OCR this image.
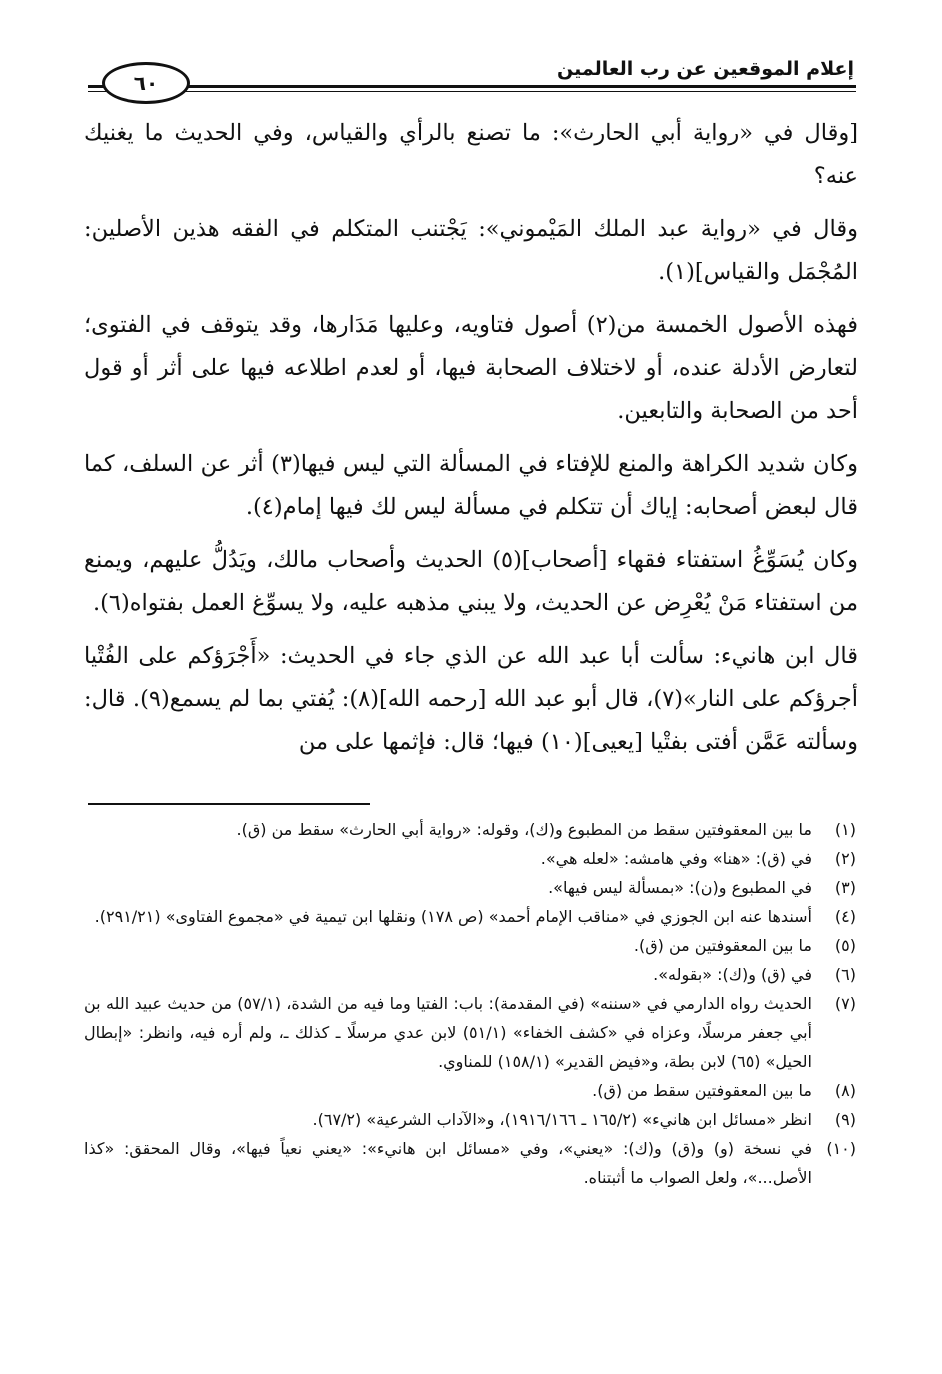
إعلام الموقعين عن رب العالمين
٦٠

[وقال في «رواية أبي الحارث»: ما تصنع بالرأي والقياس، وفي الحديث ما يغنيك عنه؟

وقال في «رواية عبد الملك المَيْموني»: يَجْتنب المتكلم في الفقه هذين الأصلين: المُجْمَل والقياس](١).

فهذه الأصول الخمسة من(٢) أصول فتاويه، وعليها مَدَارها، وقد يتوقف في الفتوى؛ لتعارض الأدلة عنده، أو لاختلاف الصحابة فيها، أو لعدم اطلاعه فيها على أثر أو قول أحد من الصحابة والتابعين.

وكان شديد الكراهة والمنع للإفتاء في المسألة التي ليس فيها(٣) أثر عن السلف، كما قال لبعض أصحابه: إياك أن تتكلم في مسألة ليس لك فيها إمام(٤).

وكان يُسَوِّغُ استفتاء فقهاء [أصحاب](٥) الحديث وأصحاب مالك، ويَدُلُّ عليهم، ويمنع من استفتاء مَنْ يُعْرِض عن الحديث، ولا يبني مذهبه عليه، ولا يسوِّغ العمل بفتواه(٦).

قال ابن هانيء: سألت أبا عبد الله عن الذي جاء في الحديث: «أَجْرَؤكم على الفُتْيا أجرؤكم على النار»(٧)، قال أبو عبد الله [رحمه الله](٨): يُفتي بما لم يسمع(٩). قال: وسألته عَمَّن أفتى بفتْيا [يعيى](١٠) فيها؛ قال: فإثمها على من

(١)
ما بين المعقوفتين سقط من المطبوع و(ك)، وقوله: «رواية أبي الحارث» سقط من (ق).
(٢)
في (ق): «هنا» وفي هامشه: «لعله هي».
(٣)
في المطبوع و(ن): «بمسألة ليس فيها».
(٤)
أسندها عنه ابن الجوزي في «مناقب الإمام أحمد» (ص ١٧٨) ونقلها ابن تيمية في «مجموع الفتاوى» (٢٩١/٢١).
(٥)
ما بين المعقوفتين من (ق).
(٦)
في (ق) و(ك): «بقوله».
(٧)
الحديث رواه الدارمي في «سننه» (في المقدمة): باب: الفتيا وما فيه من الشدة، (٥٧/١) من حديث عبيد الله بن أبي جعفر مرسلًا، وعزاه في «كشف الخفاء» (٥١/١) لابن عدي مرسلًا ـ كذلك ـ، ولم أره فيه، وانظر: «إبطال الحيل» (٦٥) لابن بطة، و«فيض القدير» (١٥٨/١) للمناوي.
(٨)
ما بين المعقوفتين سقط من (ق).
(٩)
انظر «مسائل ابن هانيء» (١٦٥/٢ ـ ١٩١٦/١٦٦)، و«الآداب الشرعية» (٦٧/٢).
(١٠)
في نسخة (و) و(ق) و(ك): «يعني»، وفي «مسائل ابن هانيء»: «يعني نعياً فيها»، وقال المحقق: «كذا الأصل...»، ولعل الصواب ما أثبتناه.
